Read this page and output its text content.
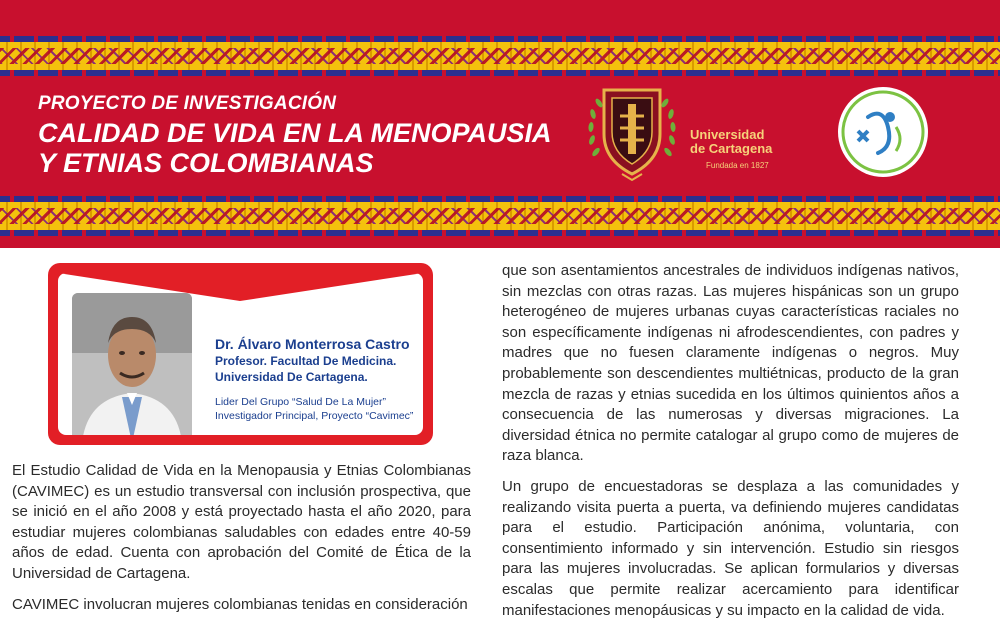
PROYECTO DE INVESTIGACIÓN
CALIDAD DE VIDA EN LA MENOPAUSIA
Y ETNIAS COLOMBIANAS
Universidad
de Cartagena
Fundada en 1827
Dr. Álvaro Monterrosa Castro
Profesor. Facultad De Medicina.
Universidad De Cartagena.
Lider Del Grupo “Salud De La Mujer”
Investigador Principal, Proyecto “Cavimec”

El Estudio Calidad de Vida en la Menopausia y Etnias Colombianas (CAVIMEC) es un estudio transversal con inclusión prospectiva, que se inició en el año 2008 y está proyectado hasta el año 2020, para estudiar mujeres colombianas saludables con edades entre 40-59 años de edad. Cuenta con aprobación del Comité de Ética de la Universidad de Cartagena.

CAVIMEC involucran mujeres colombianas tenidas en consideración

que son asentamientos ancestrales de individuos indígenas nativos, sin mezclas con otras razas. Las mujeres hispánicas son un grupo heterogéneo de mujeres urbanas cuyas características raciales no son específicamente indígenas ni afrodescendientes, con padres y madres que no fuesen claramente indígenas o negros. Muy probablemente son descendientes multiétnicas, producto de la gran mezcla de razas y etnias sucedida en los últimos quinientos años a consecuencia de las numerosas y diversas migraciones. La diversidad étnica no permite catalogar al grupo como de mujeres de raza blanca.

Un grupo de encuestadoras se desplaza a las comunidades y realizando visita puerta a puerta, va definiendo mujeres candidatas para el estudio. Participación anónima, voluntaria, con consentimiento informado y sin intervención. Estudio sin riesgos para las mujeres involucradas. Se aplican formularios y diversas escalas que permite realizar acercamiento para identificar manifestaciones menopáusicas y su impacto en la calidad de vida.
